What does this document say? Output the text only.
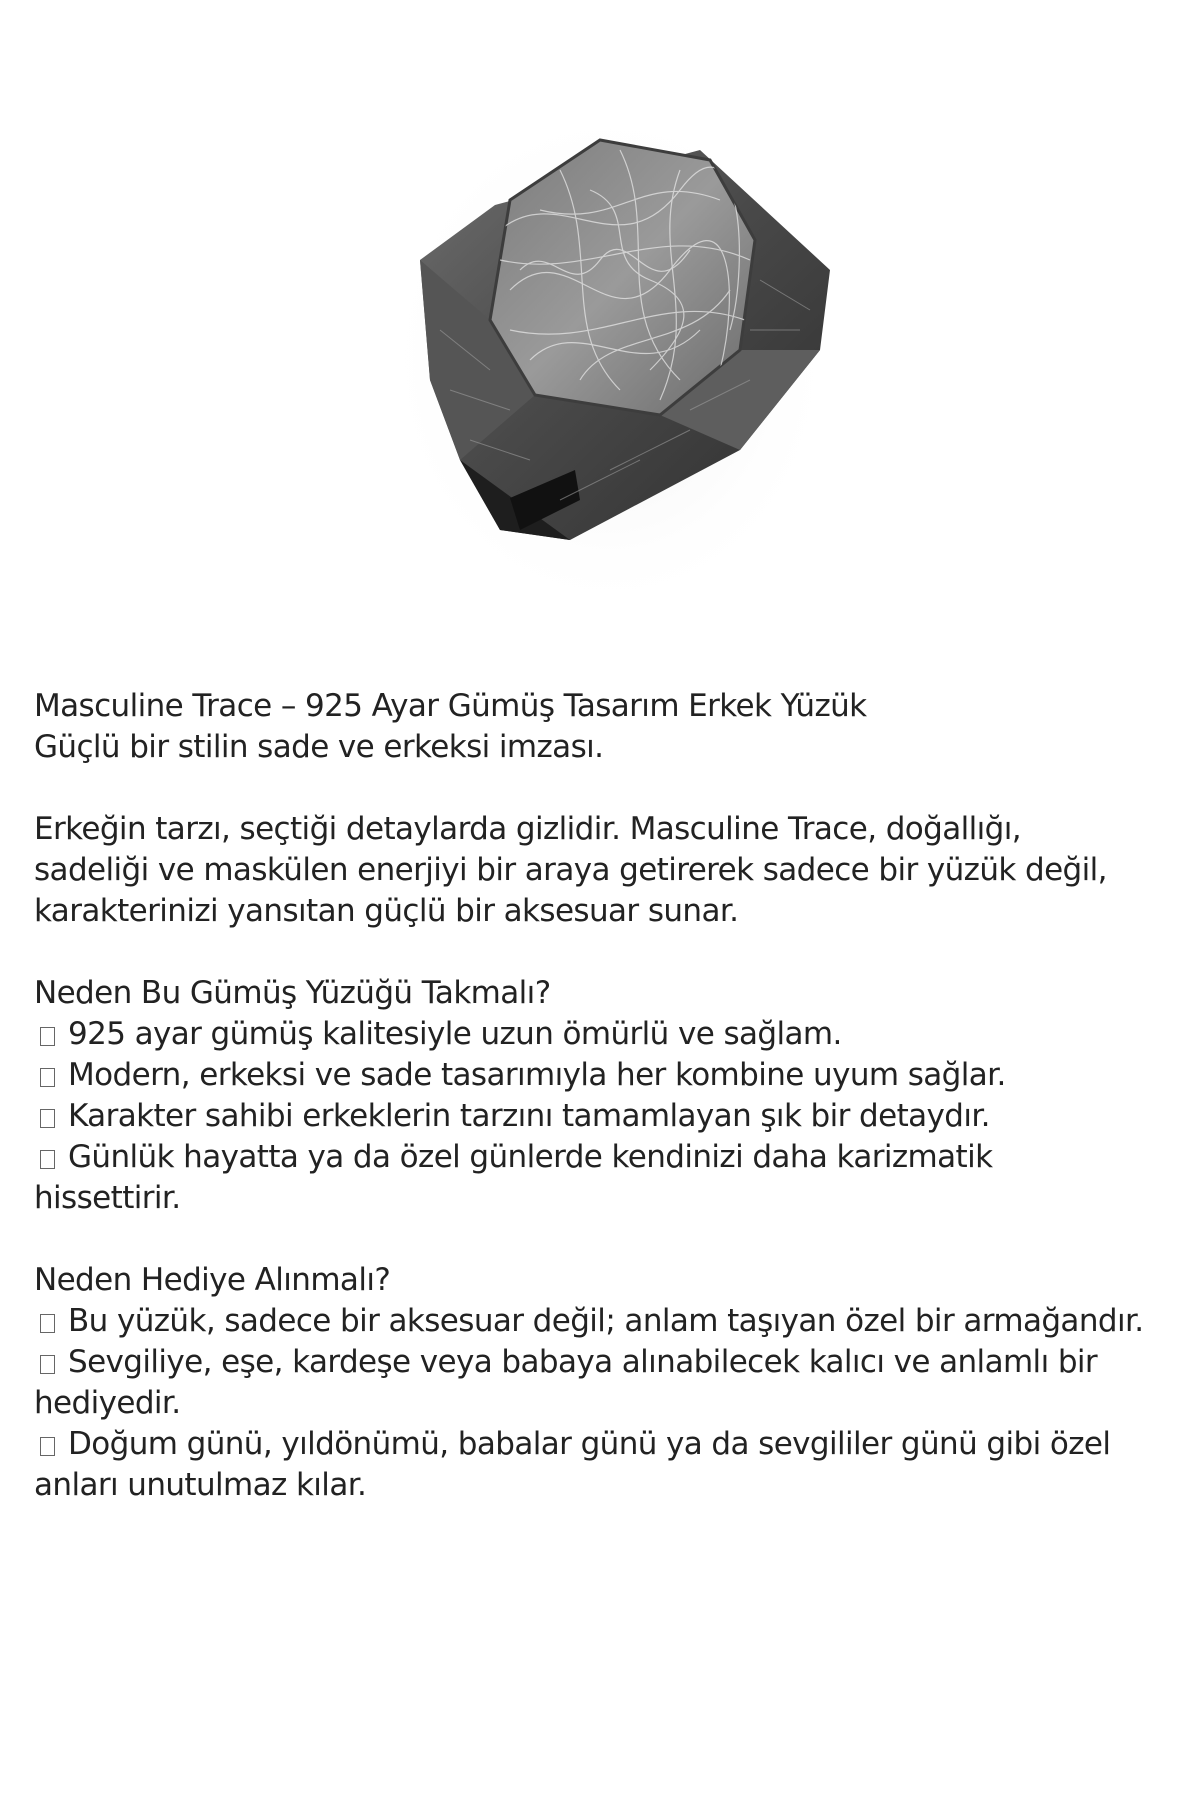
Masculine Trace – 925 Ayar Gümüş Tasarım Erkek Yüzük
Güçlü bir stilin sade ve erkeksi imzası.
Erkeğin tarzı, seçtiği detaylarda gizlidir. Masculine Trace, doğallığı,
sadeliği ve maskülen enerjiyi bir araya getirerek sadece bir yüzük değil,
karakterinizi yansıtan güçlü bir aksesuar sunar.
Neden Bu Gümüş Yüzüğü Takmalı?
925 ayar gümüş kalitesiyle uzun ömürlü ve sağlam.
Modern, erkeksi ve sade tasarımıyla her kombine uyum sağlar.
Karakter sahibi erkeklerin tarzını tamamlayan şık bir detaydır.
Günlük hayatta ya da özel günlerde kendinizi daha karizmatik
hissettirir.
Neden Hediye Alınmalı?
Bu yüzük, sadece bir aksesuar değil; anlam taşıyan özel bir armağandır.
Sevgiliye, eşe, kardeşe veya babaya alınabilecek kalıcı ve anlamlı bir
hediyedir.
Doğum günü, yıldönümü, babalar günü ya da sevgililer günü gibi özel
anları unutulmaz kılar.
